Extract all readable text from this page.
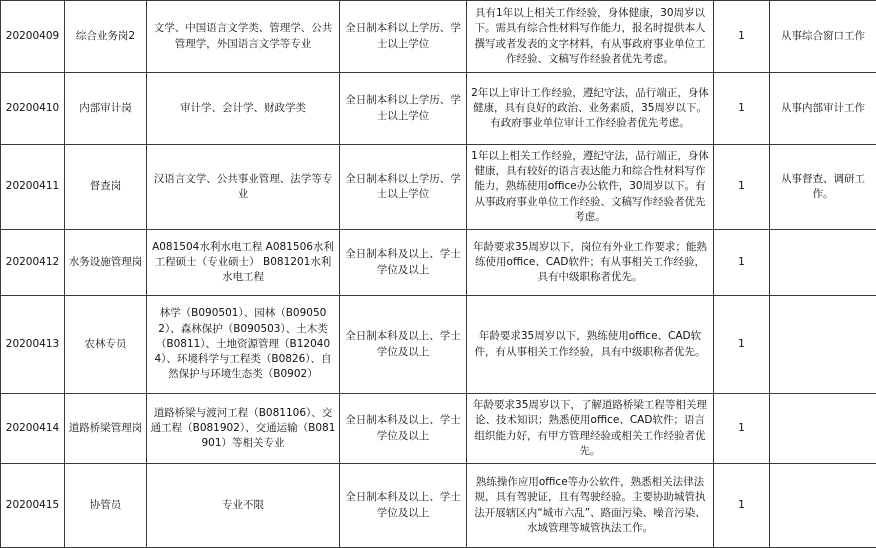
20200409	综合业务岗2	文学、中国语言文学类、管理学、公共管理学，外国语言文学等专业	全日制本科以上学历、学士以上学位	具有1年以上相关工作经验，身体健康，30周岁以下。需具有综合性材料写作能力，报名时提供本人撰写或者发表的文字材料，有从事政府事业单位工作经验、文稿写作经验者优先考虑。	1	从事综合窗口工作
20200410	内部审计岗	审计学、会计学、财政学类	全日制本科以上学历、学士以上学位	2年以上审计工作经验，遵纪守法，品行端正，身体健康，具有良好的政治、业务素质，35周岁以下。有政府事业单位审计工作经验者优先考虑。	1	从事内部审计工作
20200411	督查岗	汉语言文学、公共事业管理、法学等专业	全日制本科以上学历、学士以上学位	1年以上相关工作经验，遵纪守法，品行端正，身体健康，具有较好的语言表达能力和综合性材料写作能力，熟练使用office办公软件，30周岁以下。有从事政府事业单位工作经验、文稿写作经验者优先考虑。	1	从事督查、调研工作。
20200412	水务设施管理岗	A081504水利水电工程 A081506水利工程硕士（专业硕士） B081201水利水电工程	全日制本科及以上、学士学位及以上	年龄要求35周岁以下，岗位有外业工作要求；能熟练使用office、CAD软件；有从事相关工作经验，具有中级职称者优先。	1	
20200413	农林专员	林学（B090501）、园林（B090502）、森林保护（B090503）、土木类（B0811）、土地资源管理（B120404）、环境科学与工程类（B0826）、自然保护与环境生态类（B0902）	全日制本科及以上、学士学位及以上	年龄要求35周岁以下，熟练使用office、CAD软件，有从事相关工作经验，具有中级职称者优先。	1	
20200414	道路桥梁管理岗	道路桥梁与渡河工程（B081106）、交通工程（B081902）、交通运输（B081901）等相关专业	全日制本科及以上、学士学位及以上	年龄要求35周岁以下，了解道路桥梁工程等相关理论、技术知识；熟悉使用office、CAD软件；语言组织能力好，有甲方管理经验或相关工作经验者优先。	1	
20200415	协管员	专业不限	全日制本科及以上、学士学位及以上	熟练操作应用office等办公软件，熟悉相关法律法规，具有驾驶证，且有驾驶经验。主要协助城管执法开展辖区内“城市六乱”、路面污染、噪音污染、水域管理等城管执法工作。	1	
